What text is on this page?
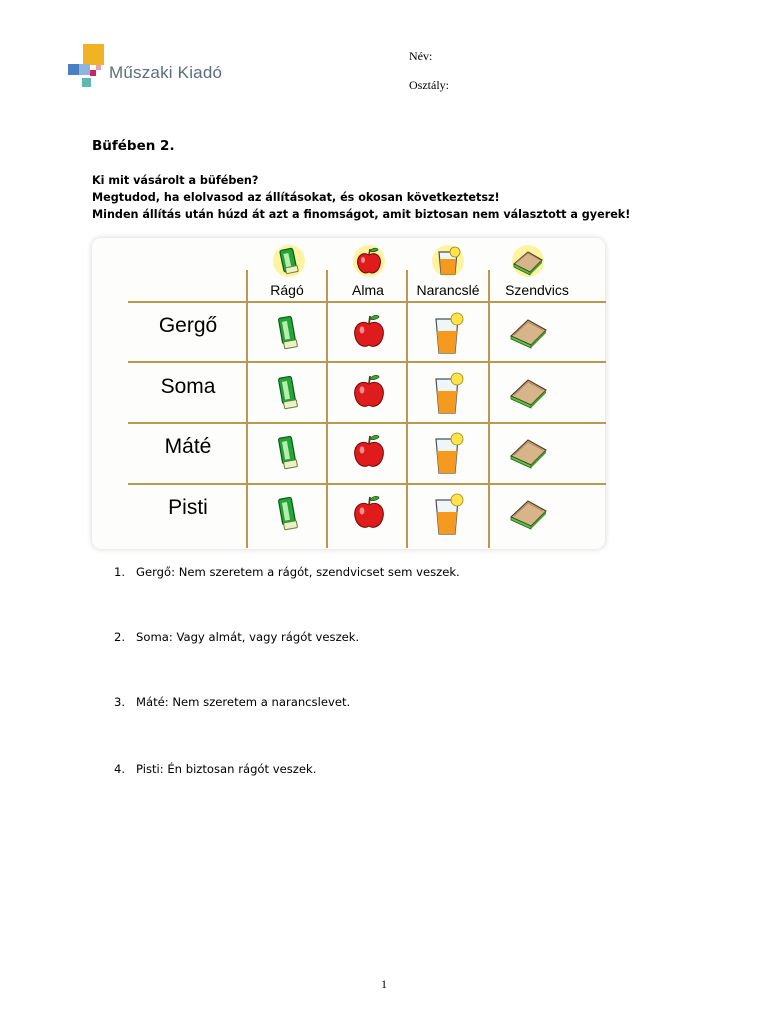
Műszaki Kiadó
Név:
Osztály:
Büfében 2.
Ki mit vásárolt a büfében?
Megtudod, ha elolvasod az állításokat, és okosan következtetsz!
Minden állítás után húzd át azt a finomságot, amit biztosan nem választott a gyerek!
Rágó	Alma	Narancslé	Szendvics
Gergő
Soma
Máté
Pisti
1. Gergő: Nem szeretem a rágót, szendvicset sem veszek.
2. Soma: Vagy almát, vagy rágót veszek.
3. Máté: Nem szeretem a narancslevet.
4. Pisti: Én biztosan rágót veszek.
1
